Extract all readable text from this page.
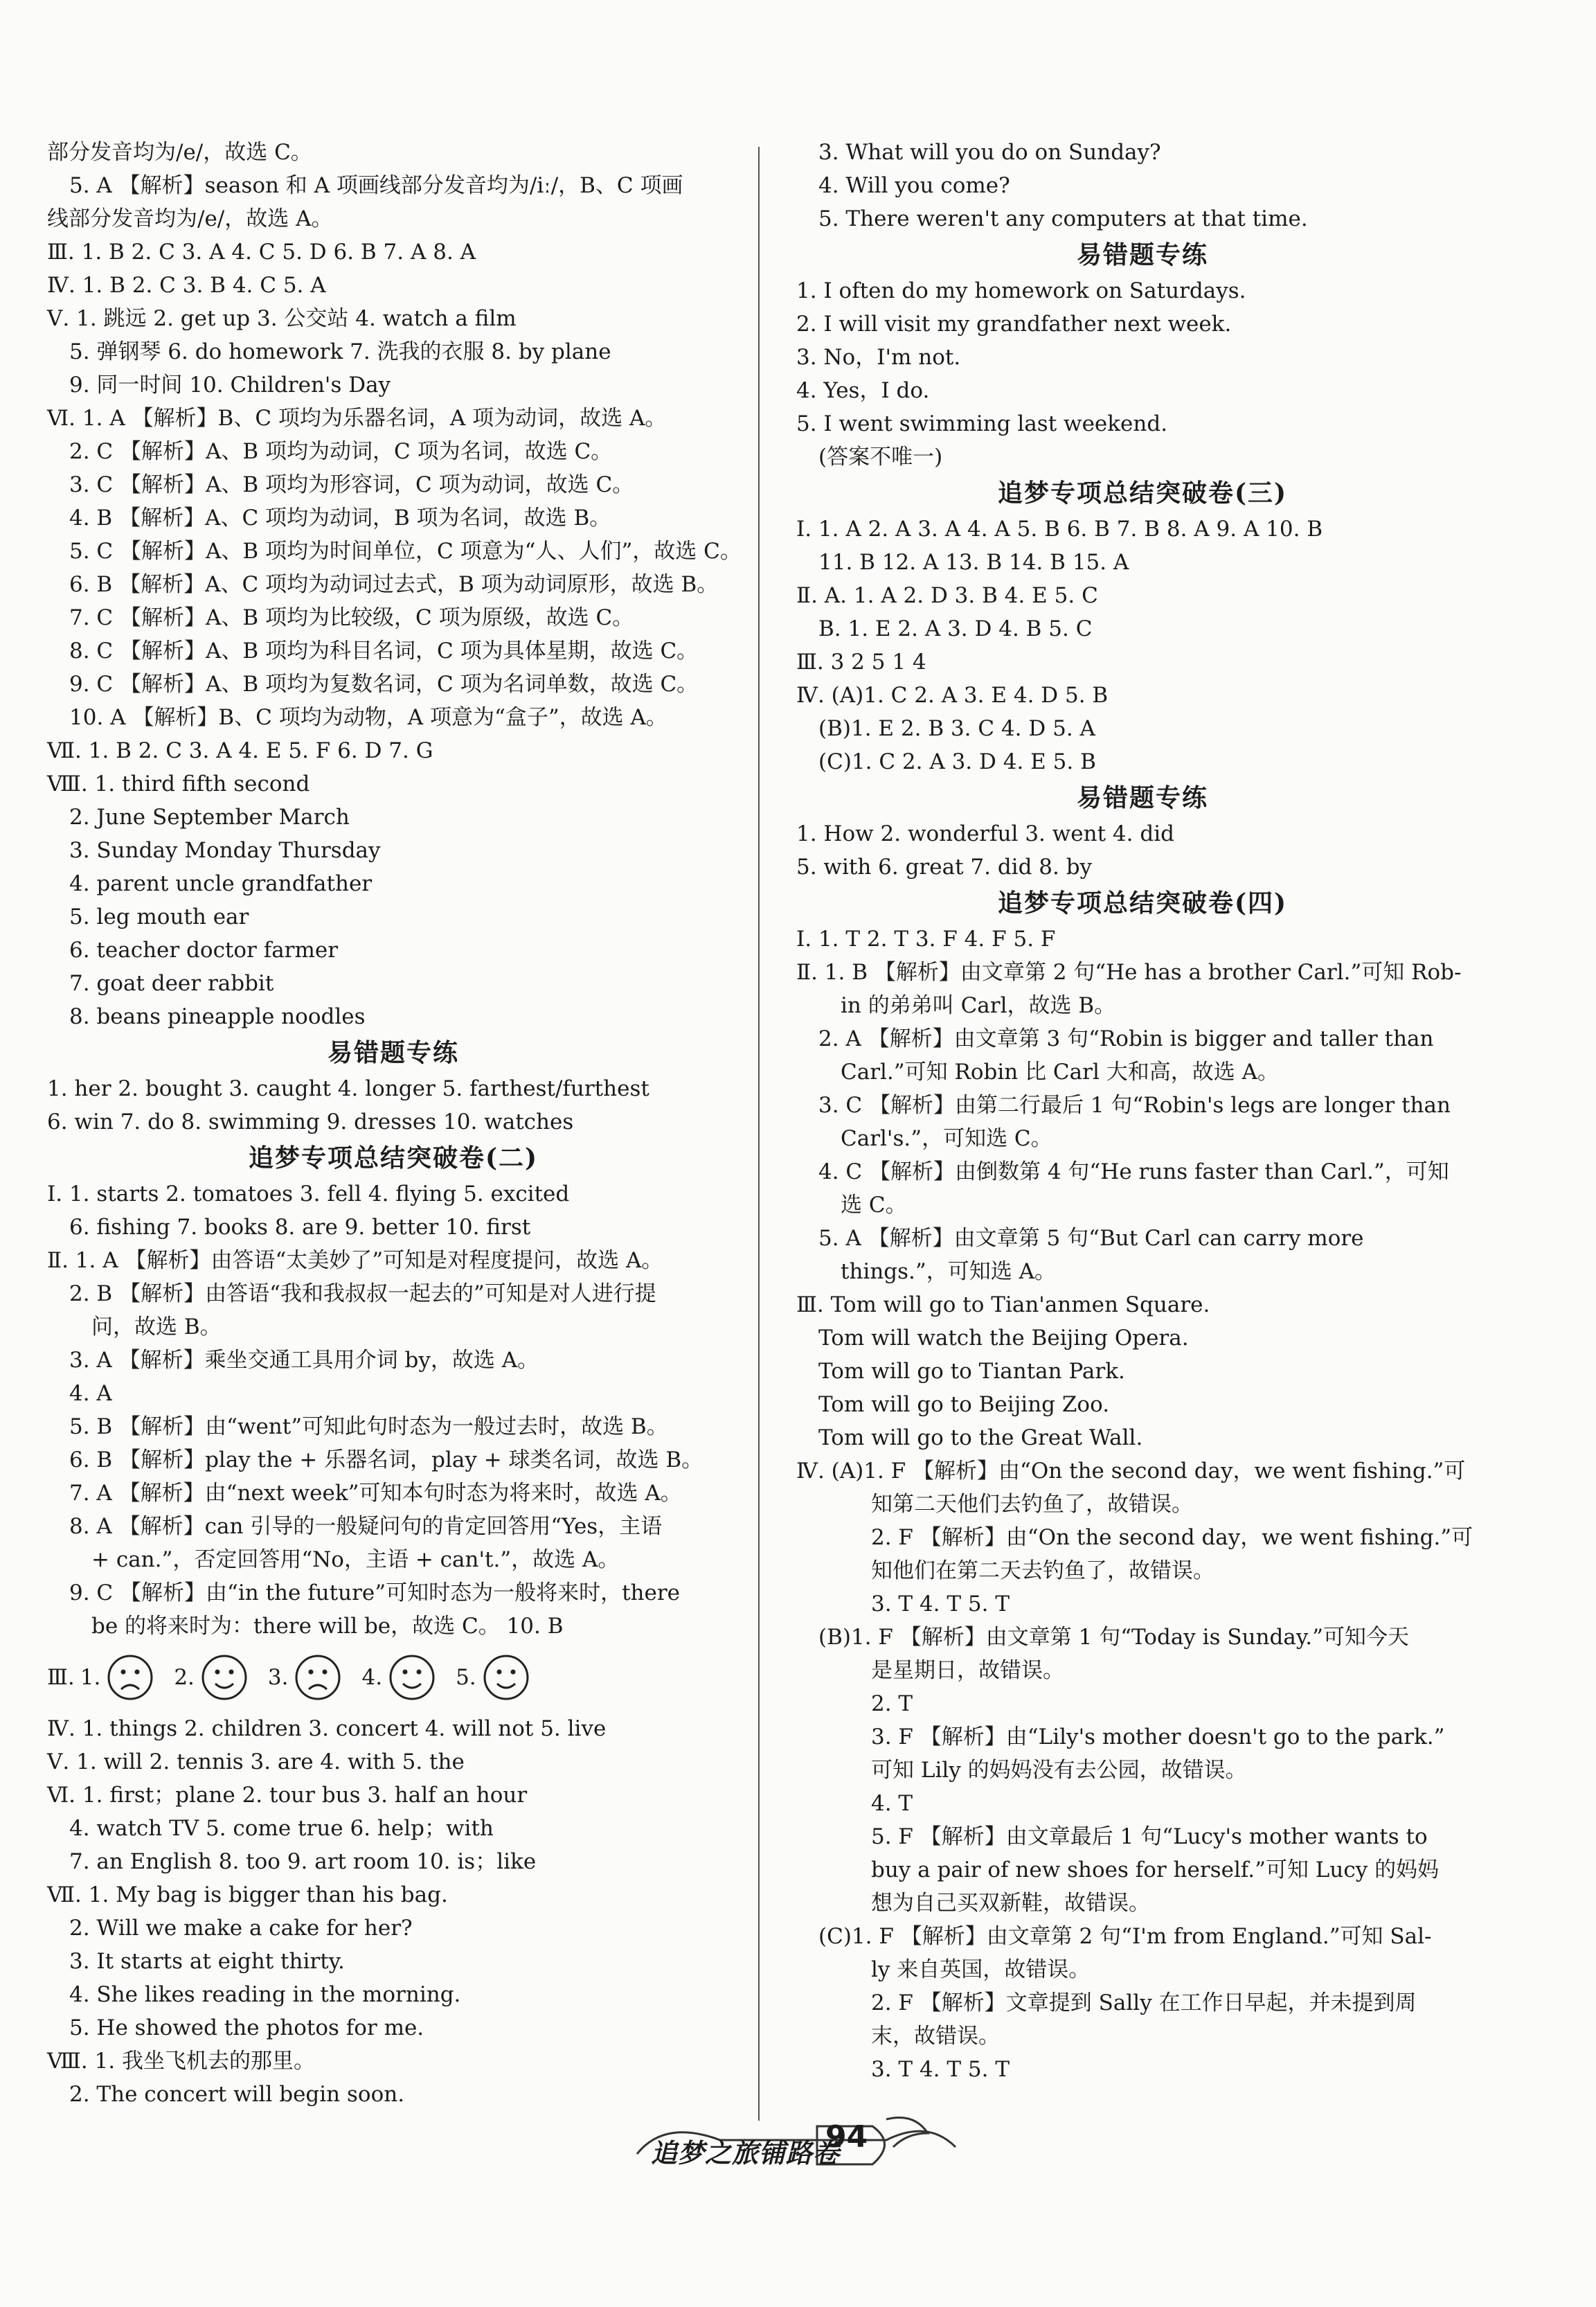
部分发音均为/e/，故选 C。
5. A 【解析】season 和 A 项画线部分发音均为/iː/，B、C 项画
线部分发音均为/e/，故选 A。
Ⅲ. 1. B 2. C 3. A 4. C 5. D 6. B 7. A 8. A
Ⅳ. 1. B 2. C 3. B 4. C 5. A
Ⅴ. 1. 跳远 2. get up 3. 公交站 4. watch a film
5. 弹钢琴 6. do homework 7. 洗我的衣服 8. by plane
9. 同一时间 10. Children's Day
Ⅵ. 1. A 【解析】B、C 项均为乐器名词，A 项为动词，故选 A。
2. C 【解析】A、B 项均为动词，C 项为名词，故选 C。
3. C 【解析】A、B 项均为形容词，C 项为动词，故选 C。
4. B 【解析】A、C 项均为动词，B 项为名词，故选 B。
5. C 【解析】A、B 项均为时间单位，C 项意为“人、人们”，故选 C。
6. B 【解析】A、C 项均为动词过去式，B 项为动词原形，故选 B。
7. C 【解析】A、B 项均为比较级，C 项为原级，故选 C。
8. C 【解析】A、B 项均为科目名词，C 项为具体星期，故选 C。
9. C 【解析】A、B 项均为复数名词，C 项为名词单数，故选 C。
10. A 【解析】B、C 项均为动物，A 项意为“盒子”，故选 A。
Ⅶ. 1. B 2. C 3. A 4. E 5. F 6. D 7. G
Ⅷ. 1. third fifth second
2. June September March
3. Sunday Monday Thursday
4. parent uncle grandfather
5. leg mouth ear
6. teacher doctor farmer
7. goat deer rabbit
8. beans pineapple noodles
易错题专练
1. her 2. bought 3. caught 4. longer 5. farthest/furthest
6. win 7. do 8. swimming 9. dresses 10. watches
追梦专项总结突破卷(二)
Ⅰ. 1. starts 2. tomatoes 3. fell 4. flying 5. excited
6. fishing 7. books 8. are 9. better 10. first
Ⅱ. 1. A 【解析】由答语“太美妙了”可知是对程度提问，故选 A。
2. B 【解析】由答语“我和我叔叔一起去的”可知是对人进行提
问，故选 B。
3. A 【解析】乘坐交通工具用介词 by，故选 A。
4. A
5. B 【解析】由“went”可知此句时态为一般过去时，故选 B。
6. B 【解析】play the + 乐器名词，play + 球类名词，故选 B。
7. A 【解析】由“next week”可知本句时态为将来时，故选 A。
8. A 【解析】can 引导的一般疑问句的肯定回答用“Yes，主语
+ can.”，否定回答用“No，主语 + can't.”，故选 A。
9. C 【解析】由“in the future”可知时态为一般将来时，there
be 的将来时为：there will be，故选 C。 10. B
Ⅲ. 1.	2.	3.	4.	5.
Ⅳ. 1. things 2. children 3. concert 4. will not 5. live
Ⅴ. 1. will 2. tennis 3. are 4. with 5. the
Ⅵ. 1. first；plane 2. tour bus 3. half an hour
4. watch TV 5. come true 6. help；with
7. an English 8. too 9. art room 10. is；like
Ⅶ. 1. My bag is bigger than his bag.
2. Will we make a cake for her?
3. It starts at eight thirty.
4. She likes reading in the morning.
5. He showed the photos for me.
Ⅷ. 1. 我坐飞机去的那里。
2. The concert will begin soon.
3. What will you do on Sunday?
4. Will you come?
5. There weren't any computers at that time.
易错题专练
1. I often do my homework on Saturdays.
2. I will visit my grandfather next week.
3. No，I'm not.
4. Yes，I do.
5. I went swimming last weekend.
(答案不唯一)
追梦专项总结突破卷(三)
Ⅰ. 1. A 2. A 3. A 4. A 5. B 6. B 7. B 8. A 9. A 10. B
11. B 12. A 13. B 14. B 15. A
Ⅱ. A. 1. A 2. D 3. B 4. E 5. C
B. 1. E 2. A 3. D 4. B 5. C
Ⅲ. 3 2 5 1 4
Ⅳ. (A)1. C 2. A 3. E 4. D 5. B
(B)1. E 2. B 3. C 4. D 5. A
(C)1. C 2. A 3. D 4. E 5. B
易错题专练
1. How 2. wonderful 3. went 4. did
5. with 6. great 7. did 8. by
追梦专项总结突破卷(四)
Ⅰ. 1. T 2. T 3. F 4. F 5. F
Ⅱ. 1. B 【解析】由文章第 2 句“He has a brother Carl.”可知 Rob-
in 的弟弟叫 Carl，故选 B。
2. A 【解析】由文章第 3 句“Robin is bigger and taller than
Carl.”可知 Robin 比 Carl 大和高，故选 A。
3. C 【解析】由第二行最后 1 句“Robin's legs are longer than
Carl's.”，可知选 C。
4. C 【解析】由倒数第 4 句“He runs faster than Carl.”，可知
选 C。
5. A 【解析】由文章第 5 句“But Carl can carry more
things.”，可知选 A。
Ⅲ. Tom will go to Tian'anmen Square.
Tom will watch the Beijing Opera.
Tom will go to Tiantan Park.
Tom will go to Beijing Zoo.
Tom will go to the Great Wall.
Ⅳ. (A)1. F 【解析】由“On the second day，we went fishing.”可
知第二天他们去钓鱼了，故错误。
2. F 【解析】由“On the second day，we went fishing.”可
知他们在第二天去钓鱼了，故错误。
3. T 4. T 5. T
(B)1. F 【解析】由文章第 1 句“Today is Sunday.”可知今天
是星期日，故错误。
2. T
3. F 【解析】由“Lily's mother doesn't go to the park.”
可知 Lily 的妈妈没有去公园，故错误。
4. T
5. F 【解析】由文章最后 1 句“Lucy's mother wants to
buy a pair of new shoes for herself.”可知 Lucy 的妈妈
想为自己买双新鞋，故错误。
(C)1. F 【解析】由文章第 2 句“I'm from England.”可知 Sal-
ly 来自英国，故错误。
2. F 【解析】文章提到 Sally 在工作日早起，并未提到周
末，故错误。
3. T 4. T 5. T
追梦之旅铺路卷
94
